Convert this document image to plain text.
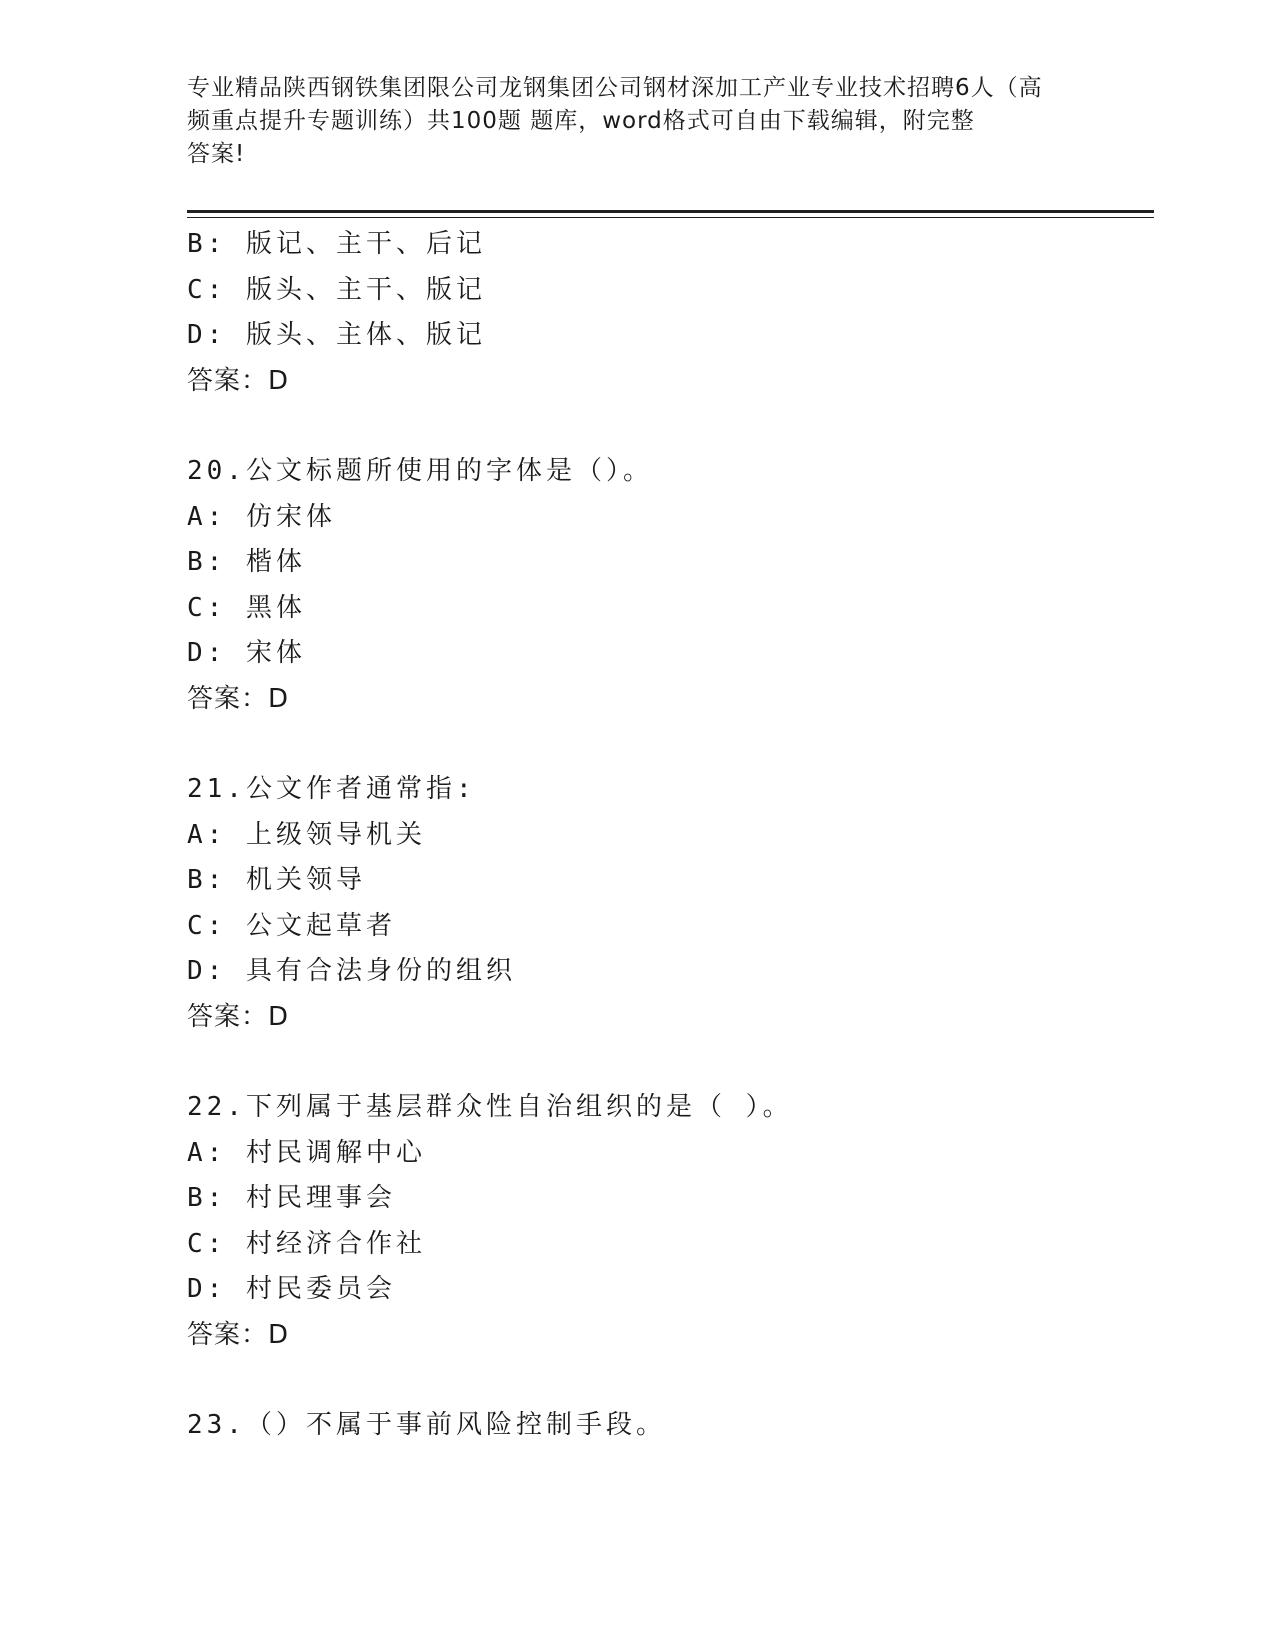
专业精品陕西钢铁集团限公司龙钢集团公司钢材深加工产业专业技术招聘6人（高
频重点提升专题训练）共100题 题库，word格式可自由下载编辑，附完整
答案!
B: 版记、主干、后记
C: 版头、主干、版记
D: 版头、主体、版记
答案：D
20.公文标题所使用的字体是（）。
A: 仿宋体
B: 楷体
C: 黑体
D: 宋体
答案：D
21.公文作者通常指:
A: 上级领导机关
B: 机关领导
C: 公文起草者
D: 具有合法身份的组织
答案：D
22.下列属于基层群众性自治组织的是（ ）。
A: 村民调解中心
B: 村民理事会
C: 村经济合作社
D: 村民委员会
答案：D
23.（）不属于事前风险控制手段。
